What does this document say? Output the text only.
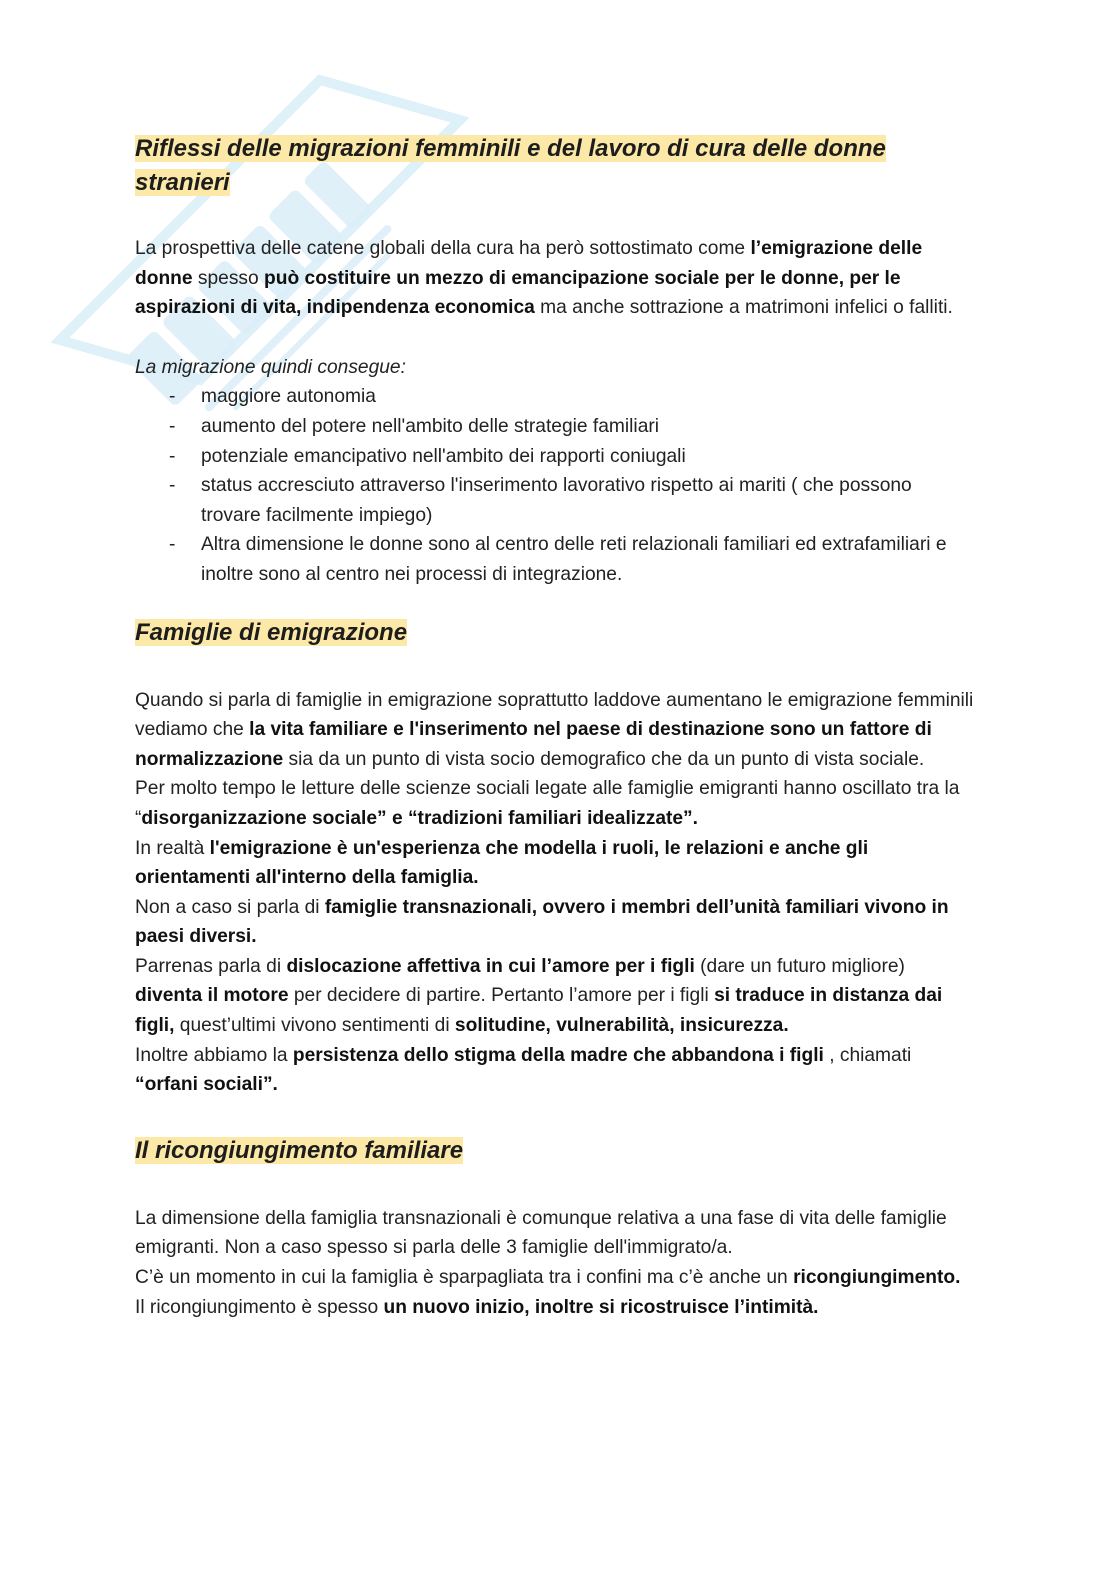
Riflessi delle migrazioni femminili e del lavoro di cura delle donne stranieri

La prospettiva delle catene globali della cura ha però sottostimato come l’emigrazione delle donne spesso può costituire un mezzo di emancipazione sociale per le donne, per le aspirazioni di vita, indipendenza economica ma anche sottrazione a matrimoni infelici o falliti.

La migrazione quindi consegue:

- maggiore autonomia
- aumento del potere nell'ambito delle strategie familiari
- potenziale emancipativo nell'ambito dei rapporti coniugali
- status accresciuto attraverso l'inserimento lavorativo rispetto ai mariti ( che possono trovare facilmente impiego)
- Altra dimensione le donne sono al centro delle reti relazionali familiari ed extrafamiliari e inoltre sono al centro nei processi di integrazione.
Famiglie di emigrazione

Quando si parla di famiglie in emigrazione soprattutto laddove aumentano le emigrazione femminili vediamo che la vita familiare e l'inserimento nel paese di destinazione sono un fattore di normalizzazione sia da un punto di vista socio demografico che da un punto di vista sociale.

Per molto tempo le letture delle scienze sociali legate alle famiglie emigranti hanno oscillato tra la “disorganizzazione sociale” e “tradizioni familiari idealizzate”.

In realtà l'emigrazione è un'esperienza che modella i ruoli, le relazioni e anche gli orientamenti all'interno della famiglia.

Non a caso si parla di famiglie transnazionali, ovvero i membri dell’unità familiari vivono in paesi diversi.

Parrenas parla di dislocazione affettiva in cui l’amore per i figli (dare un futuro migliore) diventa il motore per decidere di partire. Pertanto l’amore per i figli si traduce in distanza dai figli, quest’ultimi vivono sentimenti di solitudine, vulnerabilità, insicurezza.

Inoltre abbiamo la persistenza dello stigma della madre che abbandona i figli , chiamati “orfani sociali”.

Il ricongiungimento familiare

La dimensione della famiglia transnazionali è comunque relativa a una fase di vita delle famiglie emigranti. Non a caso spesso si parla delle 3 famiglie dell'immigrato/a.

C’è un momento in cui la famiglia è sparpagliata tra i confini ma c’è anche un ricongiungimento.

Il ricongiungimento è spesso un nuovo inizio, inoltre si ricostruisce l’intimità.
